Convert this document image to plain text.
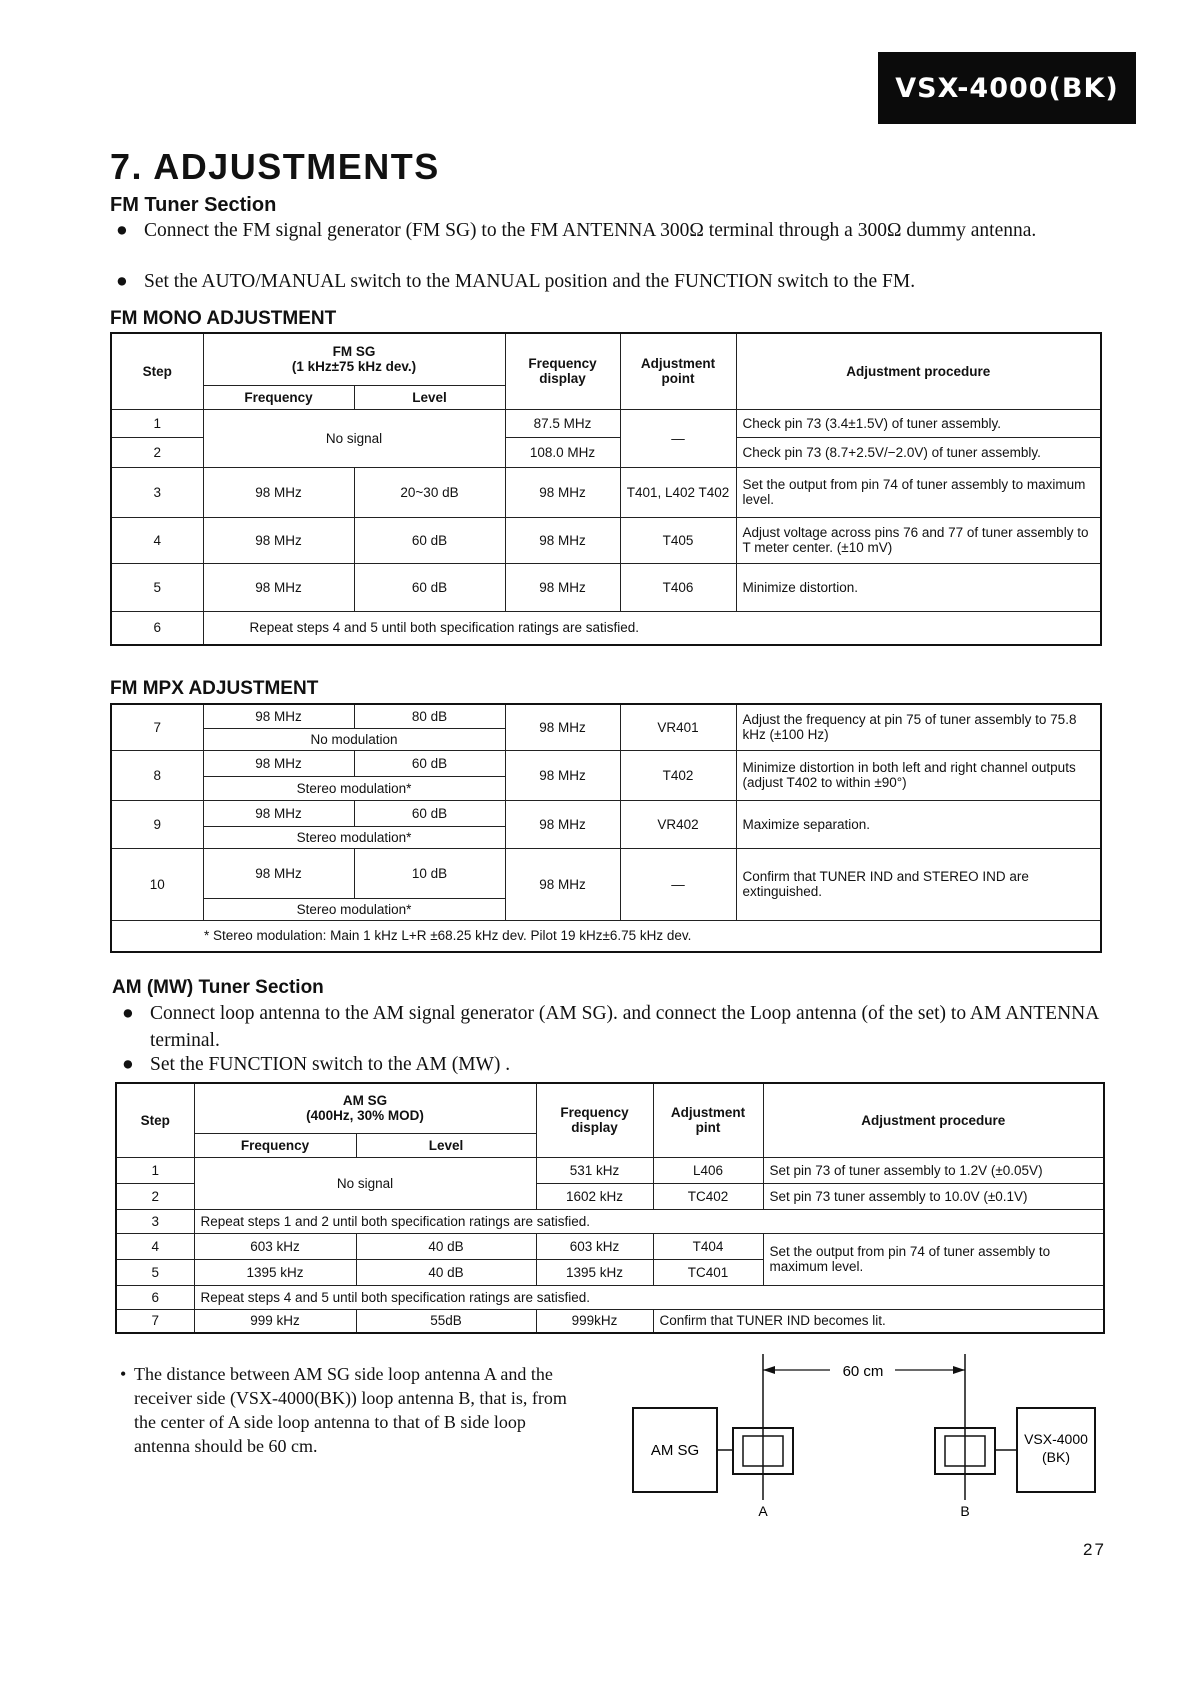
VSX-4000(BK)
7. ADJUSTMENTS
FM Tuner Section
● Connect the FM signal generator (FM SG) to the FM ANTENNA 300Ω terminal through a 300Ω dummy antenna.
● Set the AUTO/MANUAL switch to the MANUAL position and the FUNCTION switch to the FM.
FM MONO ADJUSTMENT
Step	FM SG
(1 kHz±75 kHz dev.)		Frequency display	Adjustment point	Adjustment procedure
	Frequency	Level			
1	No signal		87.5 MHz	—	Check pin 73 (3.4±1.5V) of tuner assembly.
2			108.0 MHz		Check pin 73 (8.7+2.5V/−2.0V) of tuner assembly.
3	98 MHz	20~30 dB	98 MHz	T401, L402 T402	Set the output from pin 74 of tuner assembly to maximum level.
4	98 MHz	60 dB	98 MHz	T405	Adjust voltage across pins 76 and 77 of tuner assembly to T meter center. (±10 mV)
5	98 MHz	60 dB	98 MHz	T406	Minimize distortion.
6	Repeat steps 4 and 5 until both specification ratings are satisfied.				
FM MPX ADJUSTMENT
7	98 MHz	80 dB	98 MHz	VR401	Adjust the frequency at pin 75 of tuner assembly to 75.8 kHz (±100 Hz)
	No modulation				
8	98 MHz	60 dB	98 MHz	T402	Minimize distortion in both left and right channel outputs (adjust T402 to within ±90°)
	Stereo modulation*				
9	98 MHz	60 dB	98 MHz	VR402	Maximize separation.
	Stereo modulation*				
10	98 MHz	10 dB	98 MHz	—	Confirm that TUNER IND and STEREO IND are extinguished.
	Stereo modulation*				
* Stereo modulation: Main 1 kHz L+R ±68.25 kHz dev. Pilot 19 kHz±6.75 kHz dev.					
AM (MW) Tuner Section
● Connect loop antenna to the AM signal generator (AM SG). and connect the Loop antenna (of the set) to AM ANTENNA terminal.
● Set the FUNCTION switch to the AM (MW) .
Step	AM SG
(400Hz, 30% MOD)		Frequency display	Adjustment pint	Adjustment procedure
	Frequency	Level			
1	No signal		531 kHz	L406	Set pin 73 of tuner assembly to 1.2V (±0.05V)
2			1602 kHz	TC402	Set pin 73 tuner assembly to 10.0V (±0.1V)
3	Repeat steps 1 and 2 until both specification ratings are satisfied.				
4	603 kHz	40 dB	603 kHz	T404	Set the output from pin 74 of tuner assembly to maximum level.
5	1395 kHz	40 dB	1395 kHz	TC401	
6	Repeat steps 4 and 5 until both specification ratings are satisfied.				
7	999 kHz	55dB	999kHz	Confirm that TUNER IND becomes lit.	
• The distance between AM SG side loop antenna A and the receiver side (VSX-4000(BK)) loop antenna B, that is, from the center of A side loop antenna to that of B side loop antenna should be 60 cm.
60 cm
AM SG
VSX-4000
(BK)
A	B
27
